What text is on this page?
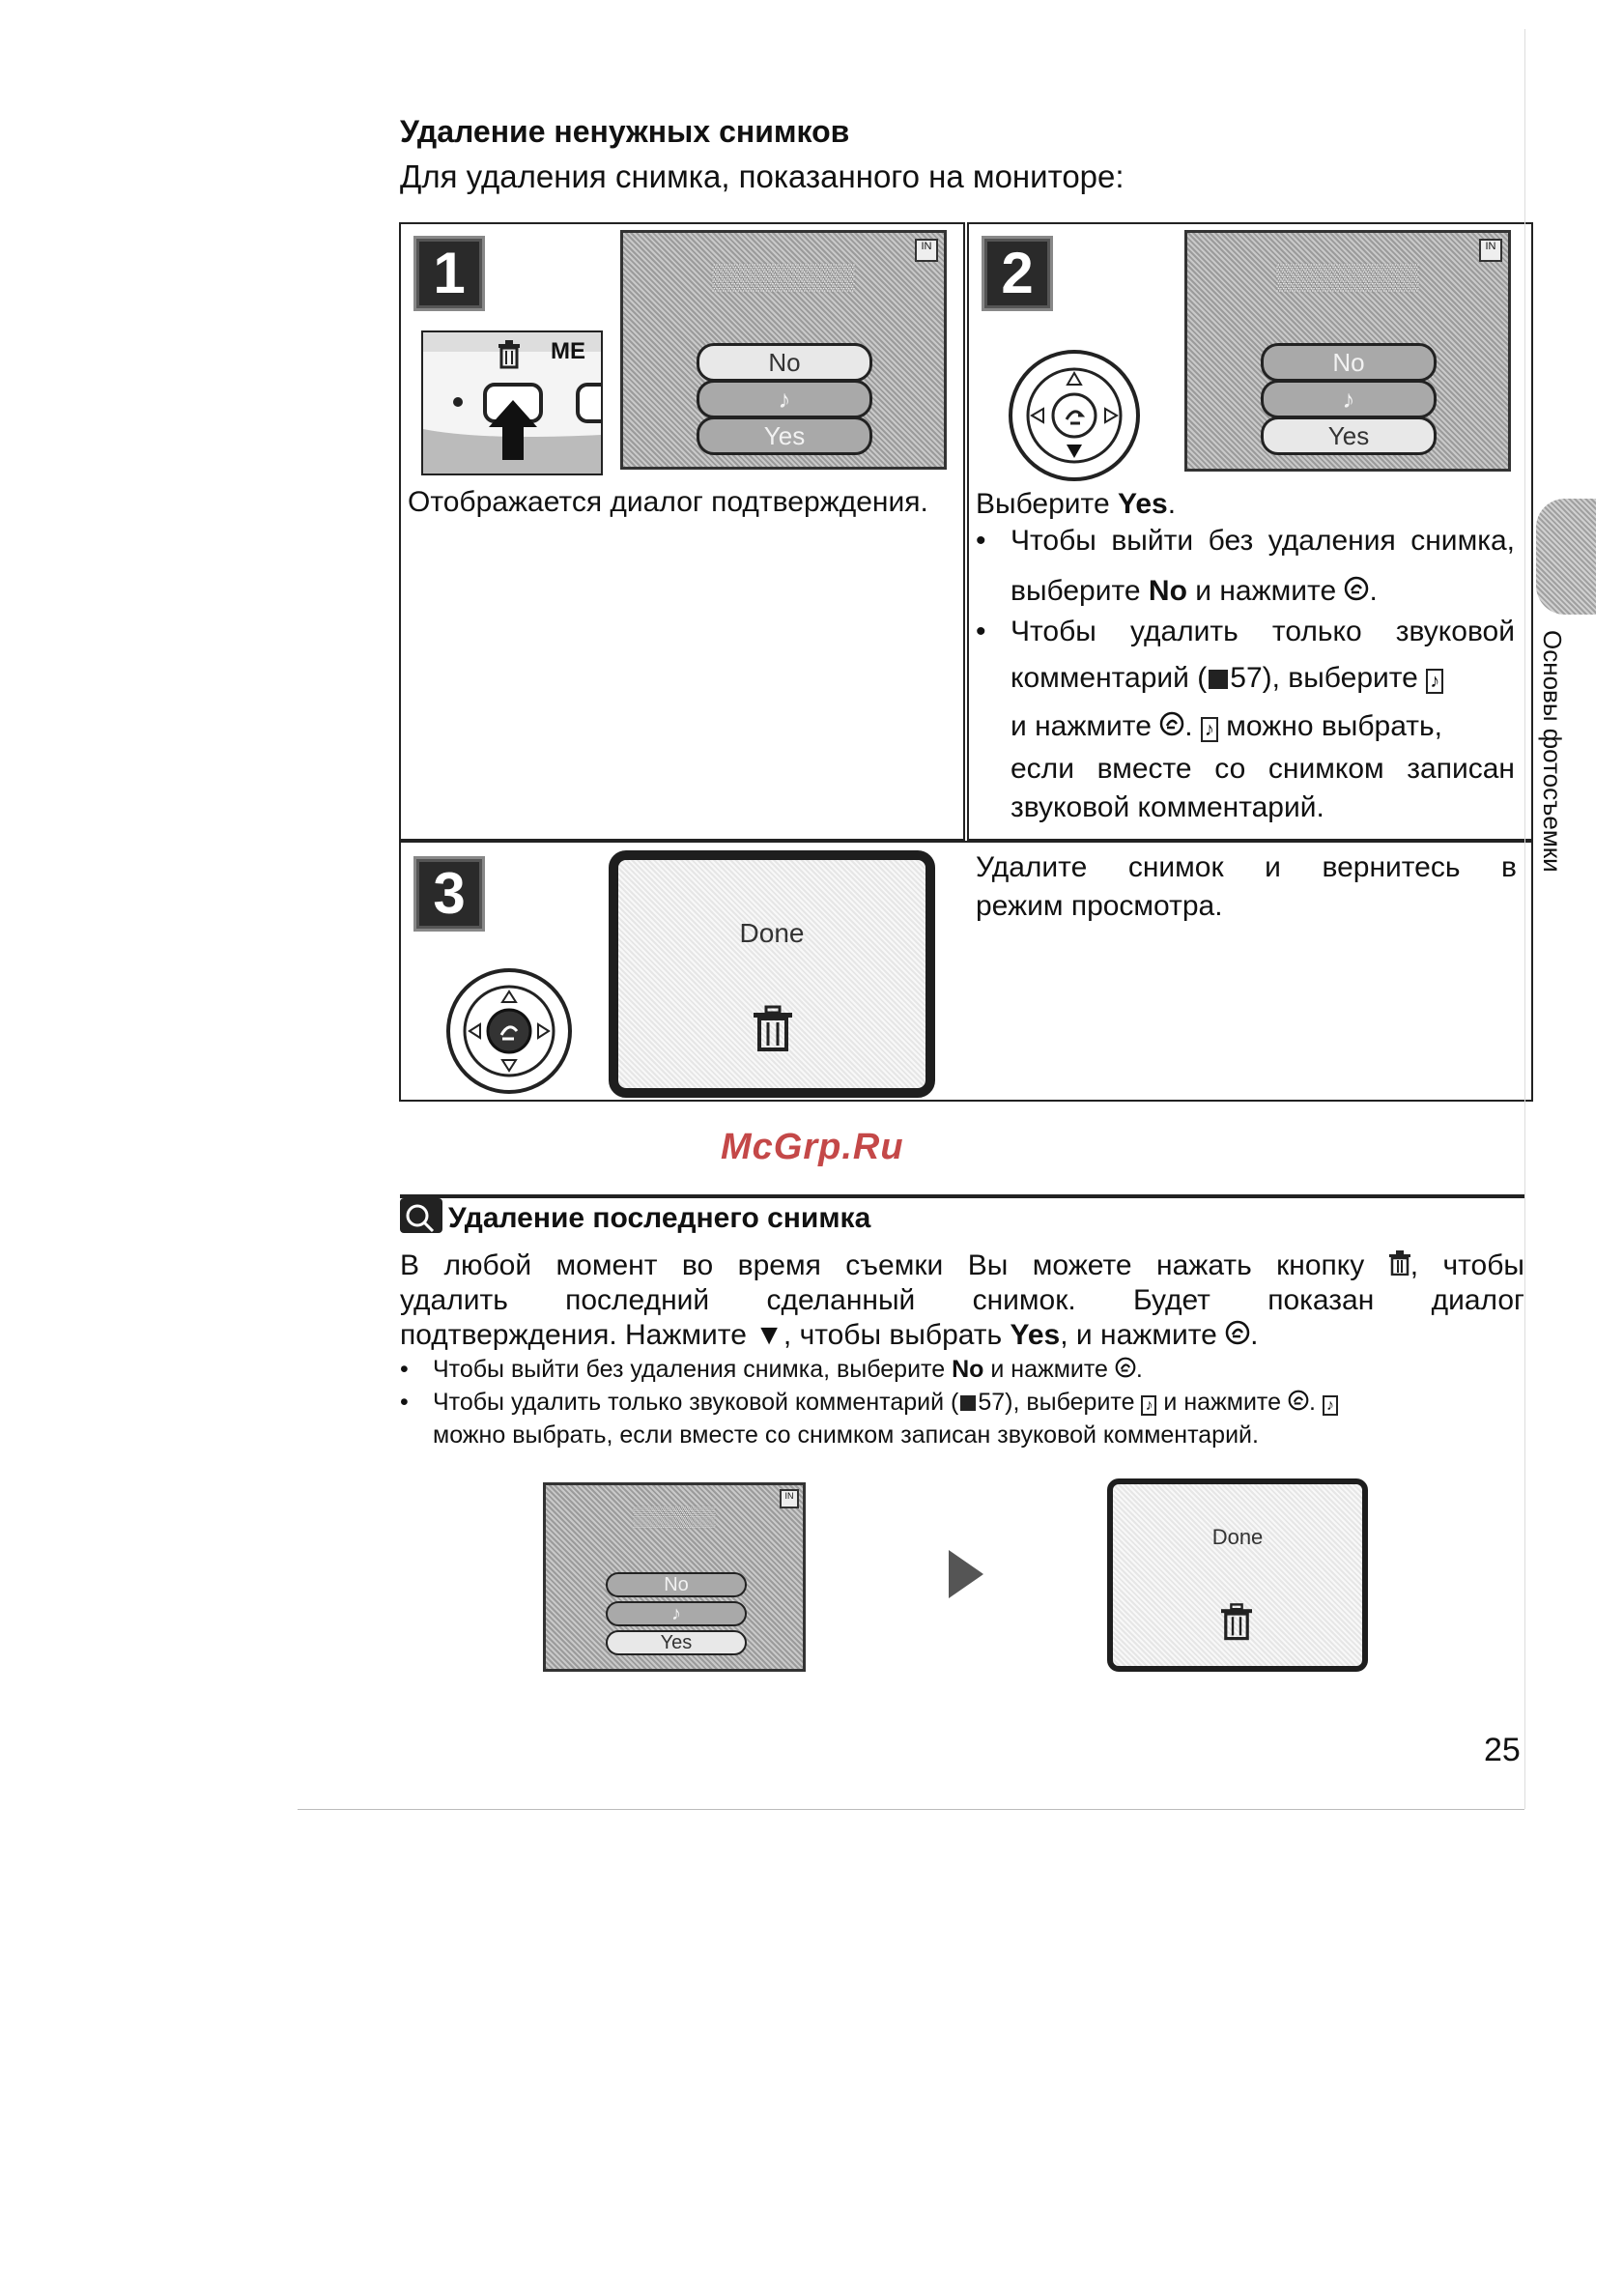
Удаление ненужных снимков
Для удаления снимка, показанного на мониторе:
1
ME
▒▒▒▒▒▒▒▒
IN
No
♪
Yes
Отображается диалог подтверждения.
2	▒▒▒▒▒▒▒▒
IN
No
♪
Yes
Выберите Yes.
• Чтобы выйти без удаления снимка,
выберите No и нажмите .
• Чтобы удалить только звуковой
комментарий ( 57), выберите ♪
и нажмите . ♪ можно выбрать,
если вместе со снимком записан
звуковой комментарий.
3
Done
Удалите снимок и вернитесь в
режим просмотра.
McGrp.Ru
Основы фотосъемки
Удаление последнего снимка
В любой момент во время съемки Вы можете нажать кнопку , чтобы
удалить последний сделанный снимок. Будет показан диалог
подтверждения. Нажмите ▼, чтобы выбрать Yes, и нажмите .
• Чтобы выйти без удаления снимка, выберите No и нажмите .
• Чтобы удалить только звуковой комментарий ( 57), выберите ♪ и нажмите . ♪
можно выбрать, если вместе со снимком записан звуковой комментарий.
▒▒▒▒▒▒
IN
No
♪
Yes
Done
25
